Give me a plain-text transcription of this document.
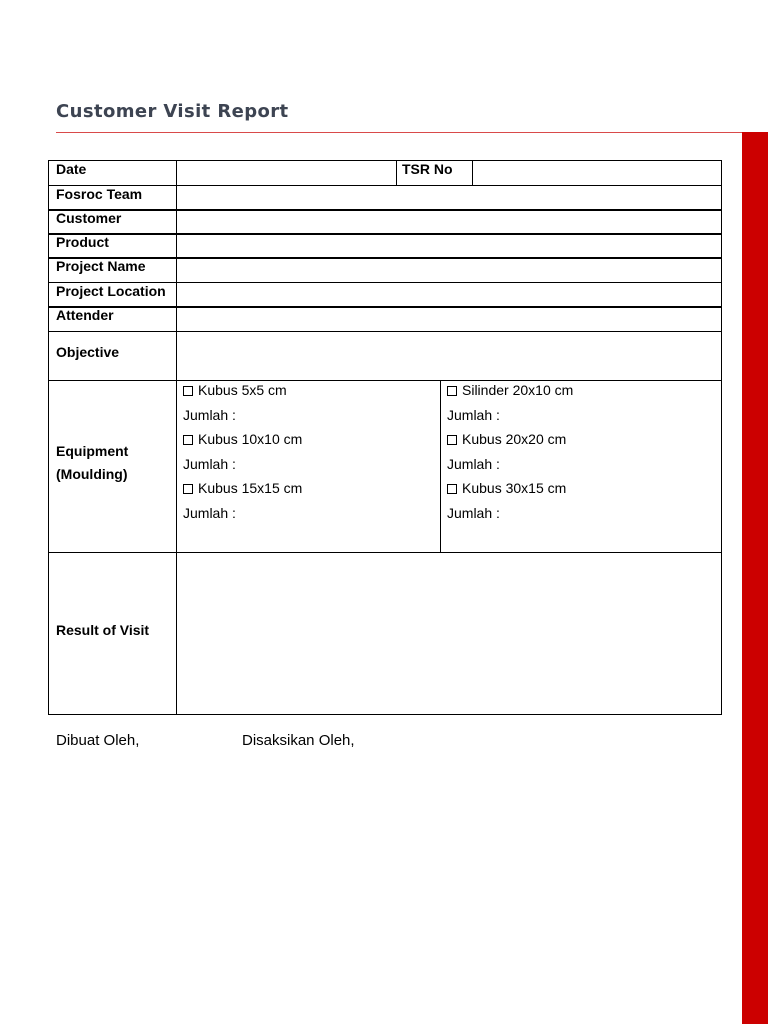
Customer Visit Report
Date	TSR No
Fosroc Team
Customer
Product
Project Name
Project Location
Attender
Objective
Equipment
(Moulding)
Kubus 5x5 cm
Jumlah :
Kubus 10x10 cm
Jumlah :
Kubus 15x15 cm
Jumlah :
Silinder 20x10 cm
Jumlah :
Kubus 20x20 cm
Jumlah :
Kubus 30x15 cm
Jumlah :
Result of Visit
Dibuat Oleh,	Disaksikan Oleh,
